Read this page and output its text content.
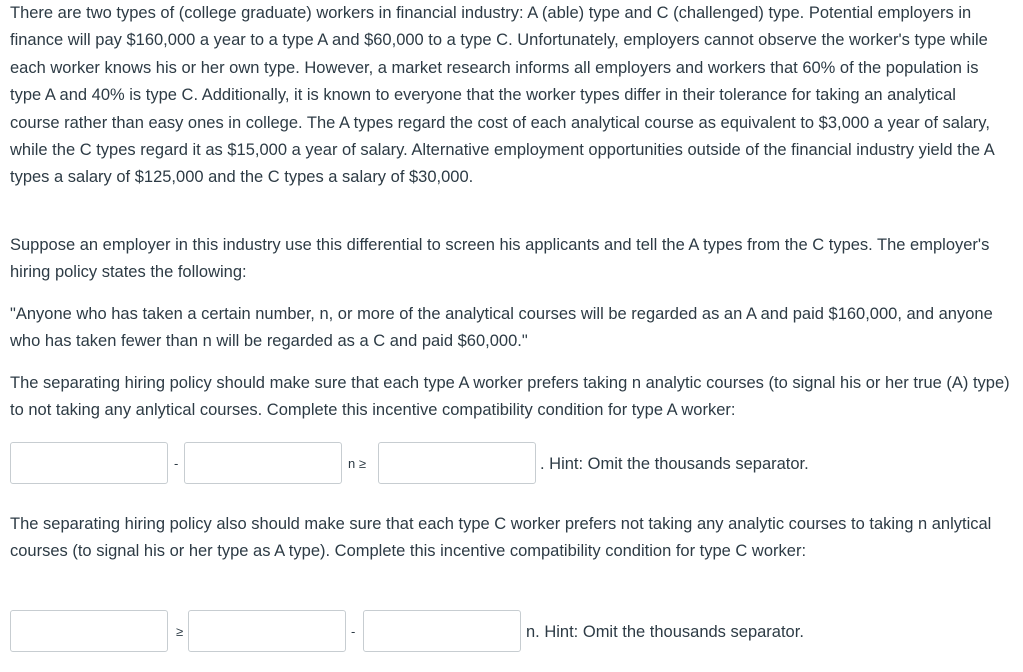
There are two types of (college graduate) workers in financial industry: A (able) type and C (challenged) type. Potential employers in finance will pay $160,000 a year to a type A and $60,000 to a type C. Unfortunately, employers cannot observe the worker's type while each worker knows his or her own type. However, a market research informs all employers and workers that 60% of the population is type A and 40% is type C. Additionally, it is known to everyone that the worker types differ in their tolerance for taking an analytical course rather than easy ones in college. The A types regard the cost of each analytical course as equivalent to $3,000 a year of salary, while the C types regard it as $15,000 a year of salary. Alternative employment opportunities outside of the financial industry yield the A types a salary of $125,000 and the C types a salary of $30,000.

Suppose an employer in this industry use this differential to screen his applicants and tell the A types from the C types. The employer's hiring policy states the following:

"Anyone who has taken a certain number, n, or more of the analytical courses will be regarded as an A and paid $160,000, and anyone who has taken fewer than n will be regarded as a C and paid $60,000."

The separating hiring policy should make sure that each type A worker prefers taking n analytic courses (to signal his or her true (A) type) to not taking any anlytical courses. Complete this incentive compatibility condition for type A worker:

-	n ≥	. Hint: Omit the thousands separator.

The separating hiring policy also should make sure that each type C worker prefers not taking any analytic courses to taking n anlytical courses (to signal his or her type as A type). Complete this incentive compatibility condition for type C worker:

≥	-	n. Hint: Omit the thousands separator.
